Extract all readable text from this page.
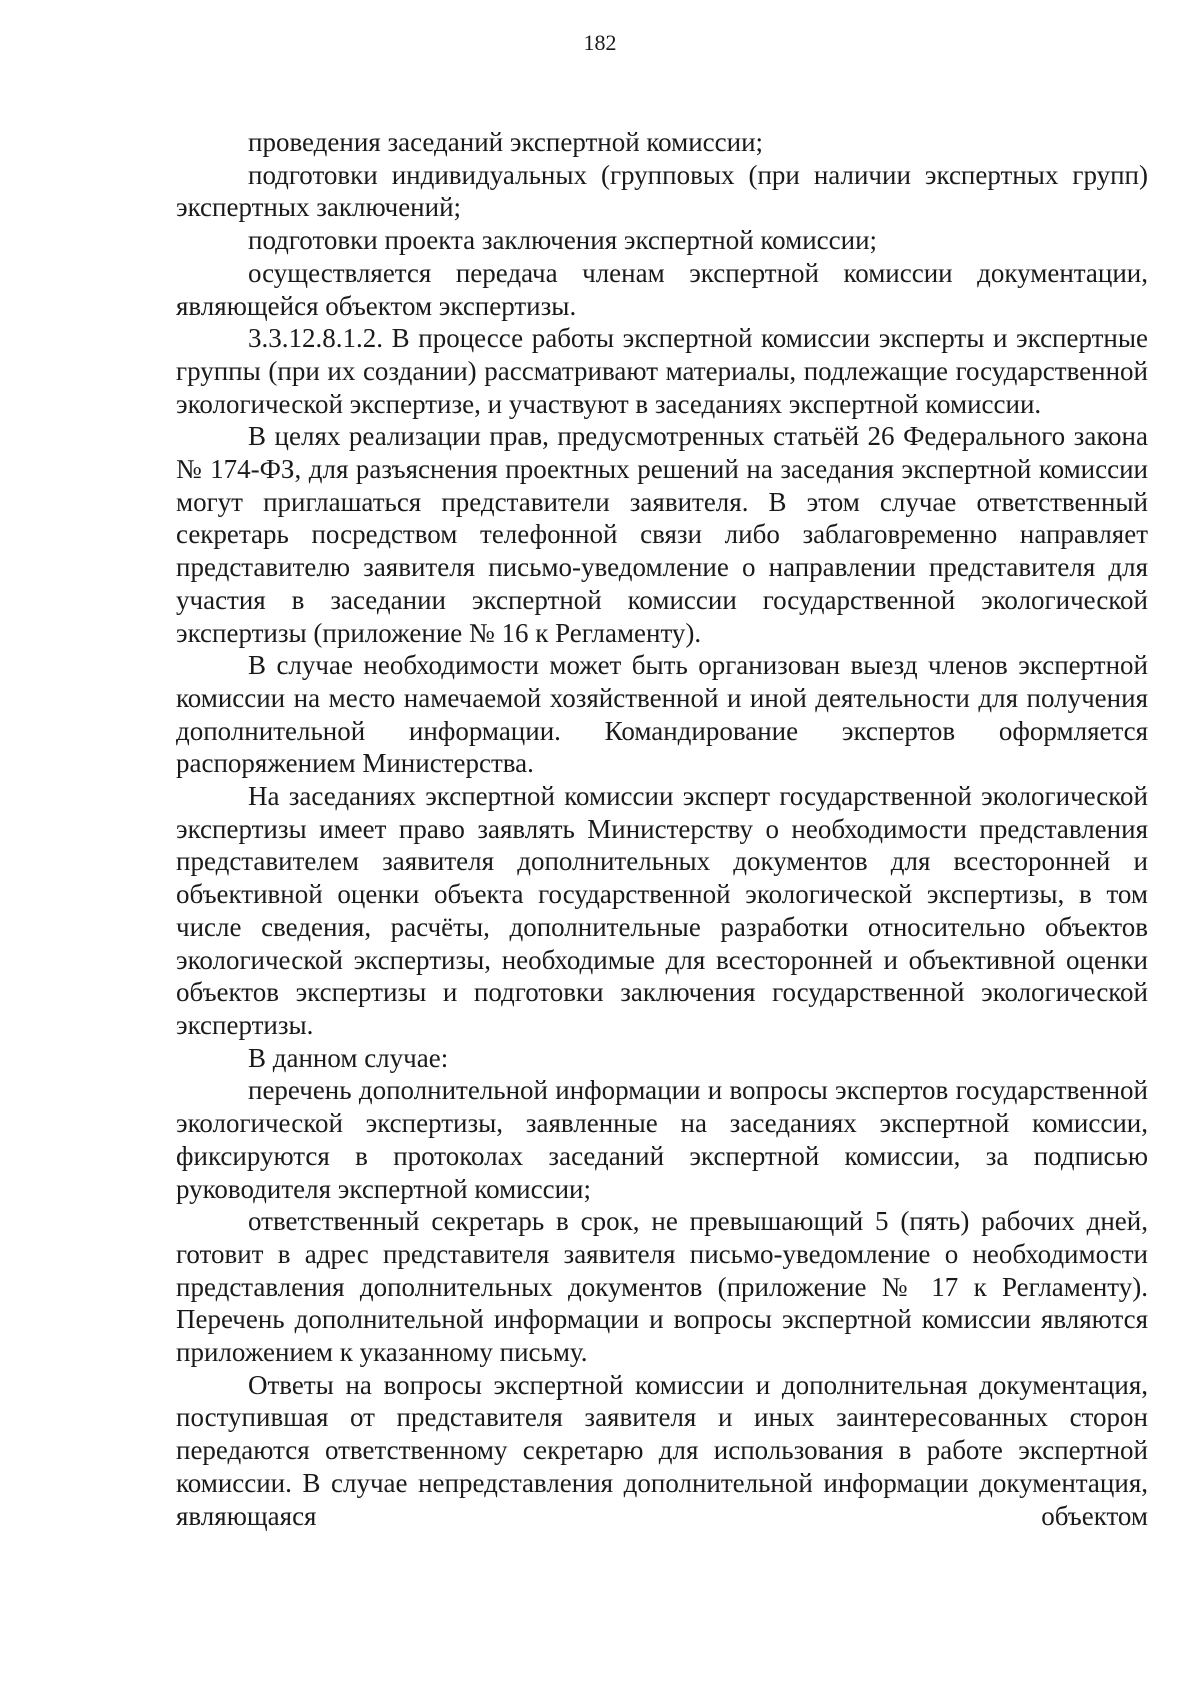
182

проведения заседаний экспертной комиссии;

подготовки индивидуальных (групповых (при наличии экспертных групп) экспертных заключений;

подготовки проекта заключения экспертной комиссии;

осуществляется передача членам экспертной комиссии документации, являющейся объектом экспертизы.

3.3.12.8.1.2. В процессе работы экспертной комиссии эксперты и экспертные группы (при их создании) рассматривают материалы, подлежащие государственной экологической экспертизе, и участвуют в заседаниях экспертной комиссии.

В целях реализации прав, предусмотренных статьёй 26 Федерального закона № 174-ФЗ, для разъяснения проектных решений на заседания экспертной комиссии могут приглашаться представители заявителя. В этом случае ответственный секретарь посредством телефонной связи либо заблаговременно направляет представителю заявителя письмо-уведомление о направлении представителя для участия в заседании экспертной комиссии государственной экологической экспертизы (приложение № 16 к Регламенту).

В случае необходимости может быть организован выезд членов экспертной комиссии на место намечаемой хозяйственной и иной деятельности для получения дополнительной информации. Командирование экспертов оформляется распоряжением Министерства.

На заседаниях экспертной комиссии эксперт государственной экологической экспертизы имеет право заявлять Министерству о необходимости представления представителем заявителя дополнительных документов для всесторонней и объективной оценки объекта государственной экологической экспертизы, в том числе сведения, расчёты, дополнительные разработки относительно объектов экологической экспертизы, необходимые для всесторонней и объективной оценки объектов экспертизы и подготовки заключения государственной экологической экспертизы.

В данном случае:

перечень дополнительной информации и вопросы экспертов государственной экологической экспертизы, заявленные на заседаниях экспертной комиссии, фиксируются в протоколах заседаний экспертной комиссии, за подписью руководителя экспертной комиссии;

ответственный секретарь в срок, не превышающий 5 (пять) рабочих дней, готовит в адрес представителя заявителя письмо-уведомление о необходимости представления дополнительных документов (приложение № 17 к Регламенту). Перечень дополнительной информации и вопросы экспертной комиссии являются приложением к указанному письму.

Ответы на вопросы экспертной комиссии и дополнительная документация, поступившая от представителя заявителя и иных заинтересованных сторон передаются ответственному секретарю для использования в работе экспертной комиссии. В случае непредставления дополнительной информации документация, являющаяся объектом
